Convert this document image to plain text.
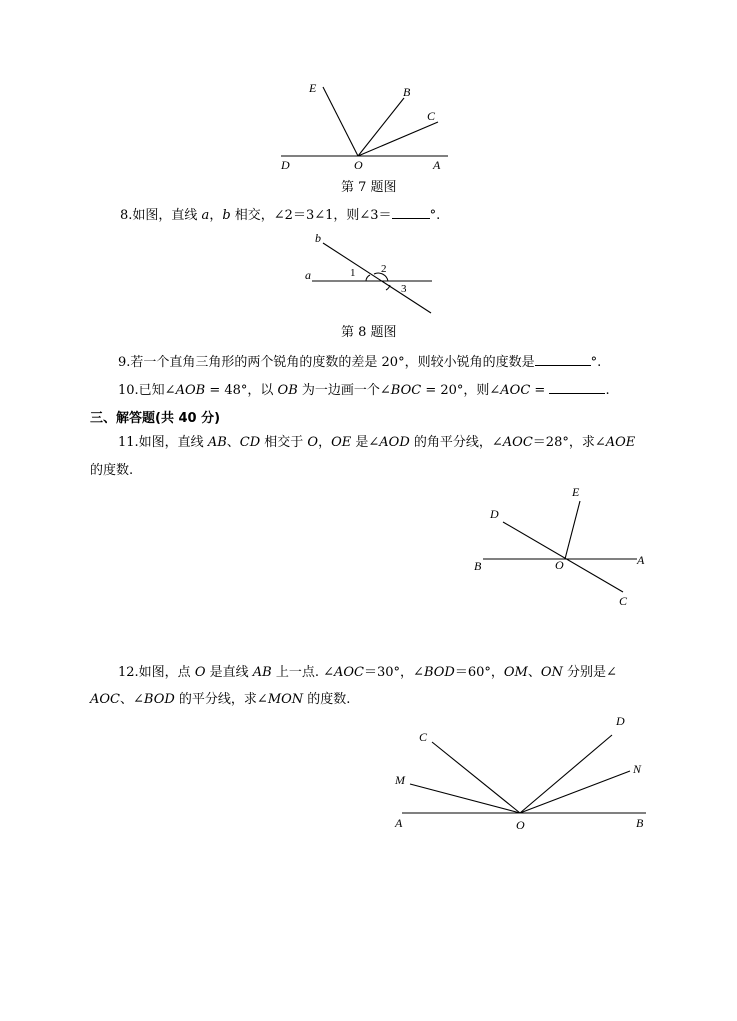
E	B
C
D	O	A
第 7 题图
8.如图，直线 a，b 相交，∠2＝3∠1，则∠3＝	°.
b
a	1 2
3
第 8 题图
9.若一个直角三角形的两个锐角的度数的差是 20°，则较小锐角的度数是	°.
10.已知∠AOB = 48°，以 OB 为一边画一个∠BOC = 20°，则∠AOC =	.
三、解答题(共 40 分)
11.如图，直线 AB、CD 相交于 O，OE 是∠AOD 的角平分线，∠AOC＝28°，求∠AOE
的度数.
E
D
B	O	A
C
12.如图，点 O 是直线 AB 上一点. ∠AOC＝30°，∠BOD＝60°，OM、ON 分别是∠
AOC、∠BOD 的平分线，求∠MON 的度数.
C
D
M
N
A	O	B
